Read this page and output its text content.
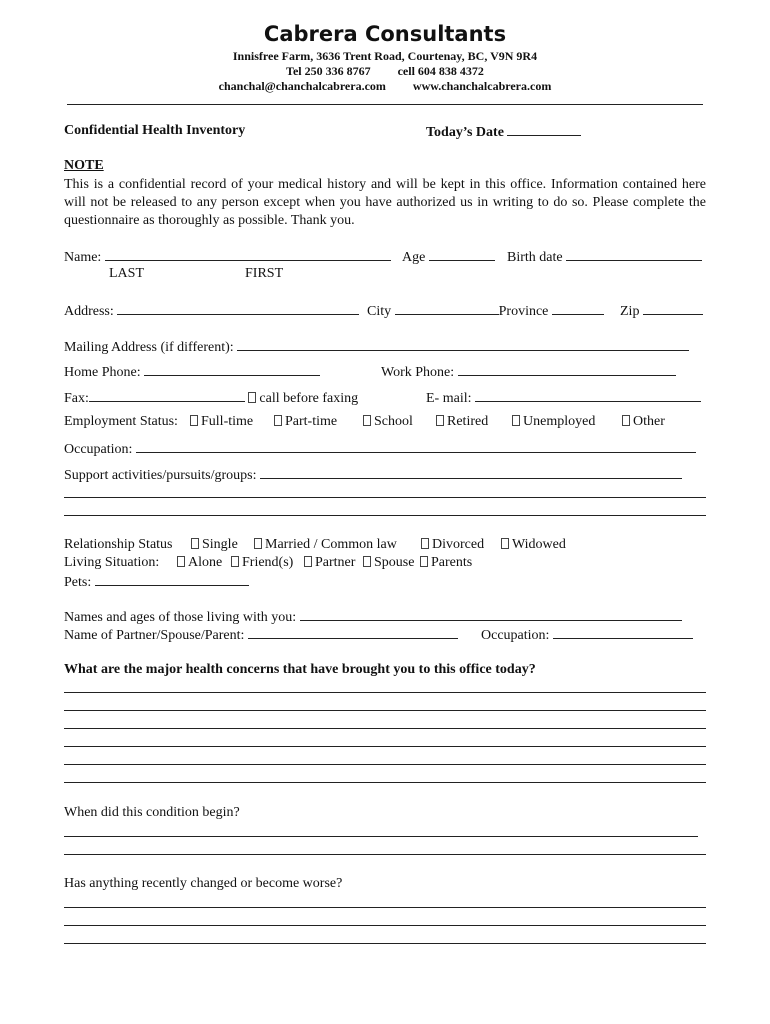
Cabrera Consultants
Innisfree Farm, 3636 Trent Road, Courtenay, BC, V9N 9R4
Tel 250 336 8767 cell 604 838 4372
chanchal@chanchalcabrera.com www.chanchalcabrera.com
Confidential Health Inventory	Today’s Date
NOTE
This is a confidential record of your medical history and will be kept in this office. Information contained here will not be released to any person except when you have authorized us in writing to do so. Please complete the questionnaire as thoroughly as possible. Thank you.
Name:	Age	Birth date
LAST	FIRST
Address:	City	Province	Zip
Mailing Address (if different):
Home Phone:	Work Phone:
Fax:	call before faxing	E- mail:
Employment Status:	Full-time	Part-time	School	Retired	Unemployed	Other
Occupation:
Support activities/pursuits/groups:
Relationship Status	Single	Married / Common law	Divorced	Widowed
Living Situation:	Alone	Friend(s)	Partner	Spouse	Parents
Pets:
Names and ages of those living with you:
Name of Partner/Spouse/Parent:	Occupation:
What are the major health concerns that have brought you to this office today?
When did this condition begin?
Has anything recently changed or become worse?
